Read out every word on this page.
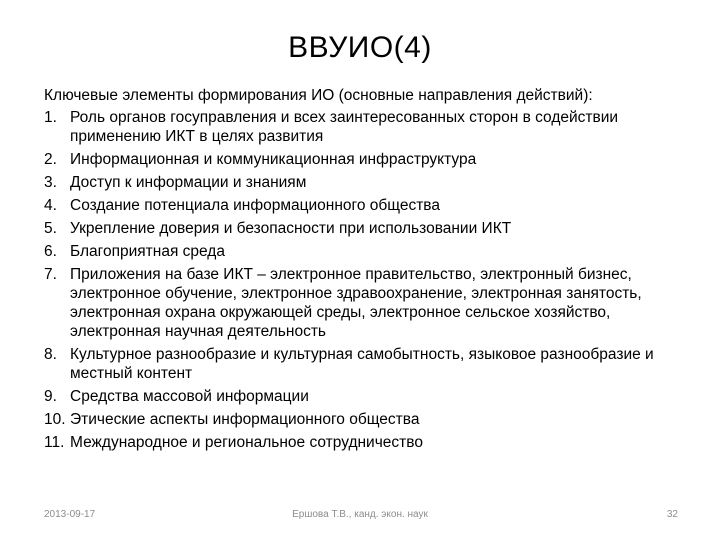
ВВУИО(4)

Ключевые элементы формирования ИО (основные направления действий):

1. Роль органов госуправления и всех заинтересованных сторон в содействии применению ИКТ в целях развития
2. Информационная и коммуникационная инфраструктура
3. Доступ к информации и знаниям
4. Создание потенциала информационного общества
5. Укрепление доверия и безопасности при использовании ИКТ
6. Благоприятная среда
7. Приложения на базе ИКТ – электронное правительство, электронный бизнес, электронное обучение, электронное здравоохранение, электронная занятость, электронная охрана окружающей среды, электронное сельское хозяйство, электронная научная деятельность
8. Культурное разнообразие и культурная самобытность, языковое разнообразие и местный контент
9. Средства массовой информации
10. Этические аспекты информационного общества
11. Международное и региональное сотрудничество
2013-09-17	Ершова Т.В., канд. экон. наук	32
